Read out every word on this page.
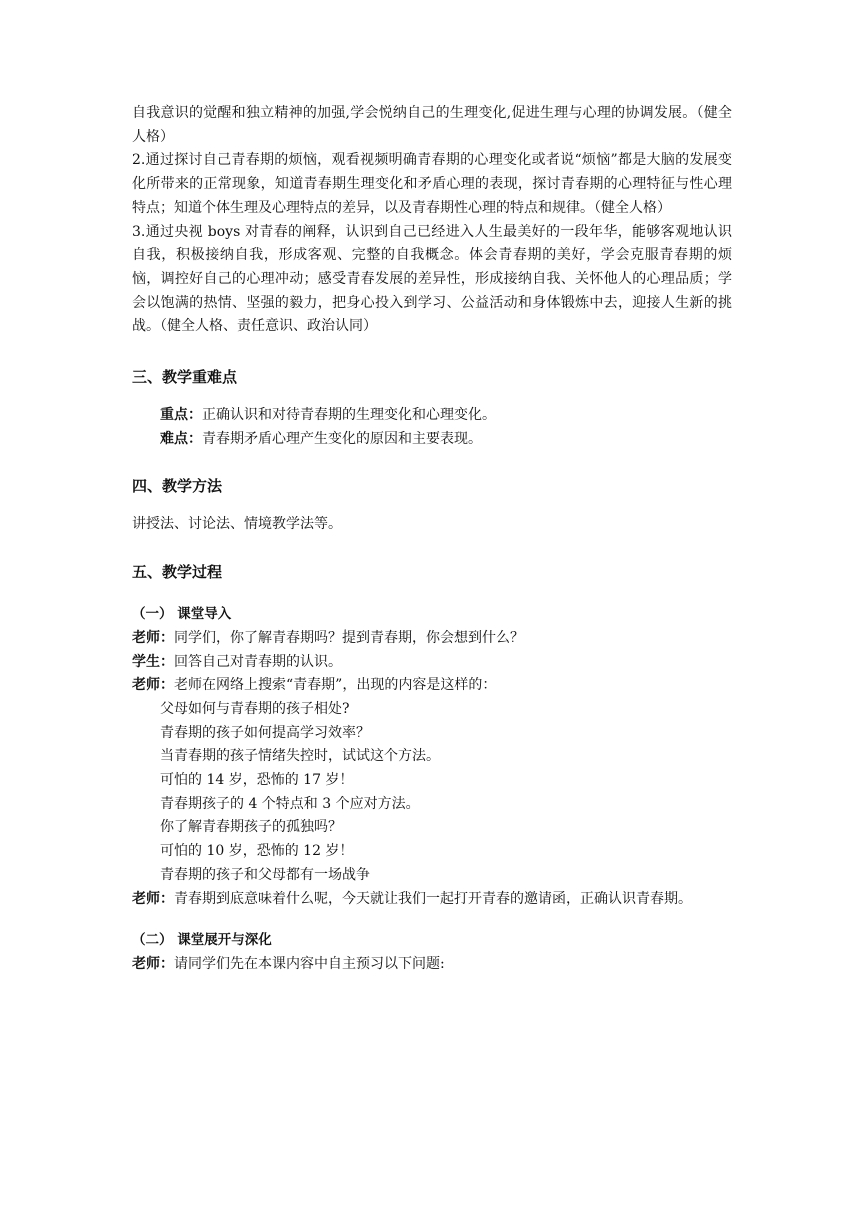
自我意识的觉醒和独立精神的加强,学会悦纳自己的生理变化,促进生理与心理的协调发展。（健全人格）

2.通过探讨自己青春期的烦恼，观看视频明确青春期的心理变化或者说“烦恼”都是大脑的发展变化所带来的正常现象，知道青春期生理变化和矛盾心理的表现，探讨青春期的心理特征与性心理特点；知道个体生理及心理特点的差异，以及青春期性心理的特点和规律。（健全人格）

3.通过央视 boys 对青春的阐释，认识到自己已经进入人生最美好的一段年华，能够客观地认识自我，积极接纳自我，形成客观、完整的自我概念。体会青春期的美好，学会克服青春期的烦恼，调控好自己的心理冲动；感受青春发展的差异性，形成接纳自我、关怀他人的心理品质；学会以饱满的热情、坚强的毅力，把身心投入到学习、公益活动和身体锻炼中去，迎接人生新的挑战。（健全人格、责任意识、政治认同）

三、教学重难点

重点：正确认识和对待青春期的生理变化和心理变化。

难点：青春期矛盾心理产生变化的原因和主要表现。

四、教学方法

讲授法、讨论法、情境教学法等。

五、教学过程

（一） 课堂导入

老师：同学们，你了解青春期吗？提到青春期，你会想到什么？

学生：回答自己对青春期的认识。

老师：老师在网络上搜索“青春期”，出现的内容是这样的：

父母如何与青春期的孩子相处?

青春期的孩子如何提高学习效率？

当青春期的孩子情绪失控时，试试这个方法。

可怕的 14 岁，恐怖的 17 岁！

青春期孩子的 4 个特点和 3 个应对方法。

你了解青春期孩子的孤独吗？

可怕的 10 岁，恐怖的 12 岁！

青春期的孩子和父母都有一场战争

老师：青春期到底意味着什么呢，今天就让我们一起打开青春的邀请函，正确认识青春期。

（二） 课堂展开与深化

老师：请同学们先在本课内容中自主预习以下问题:
